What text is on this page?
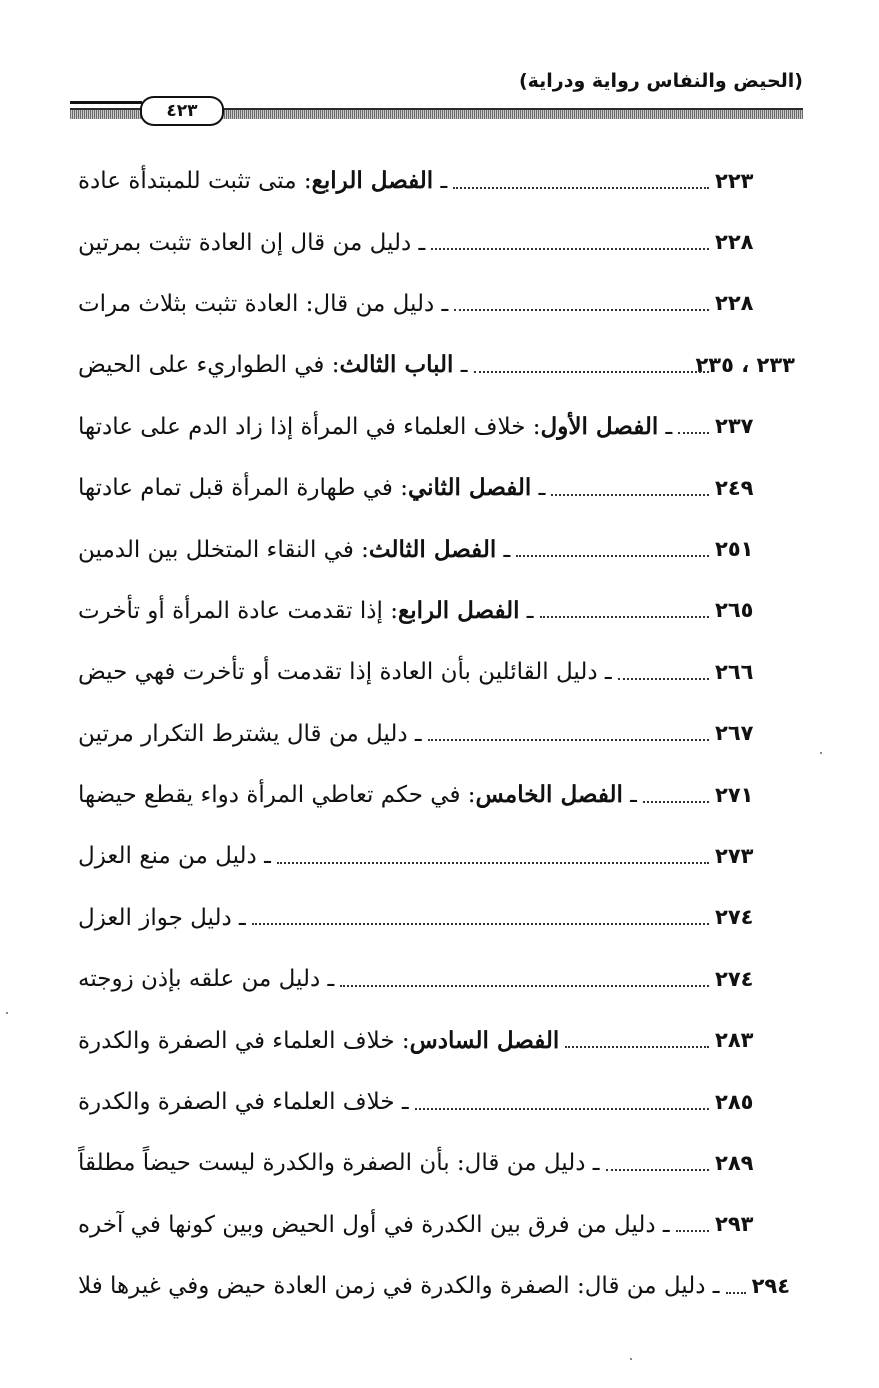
(الحيض والنفاس رواية ودراية)
٤٢٣
ـ الفصل الرابع: متى تثبت للمبتدأة عادة	٢٢٣
ـ دليل من قال إن العادة تثبت بمرتين	٢٢٨
ـ دليل من قال: العادة تثبت بثلاث مرات	٢٢٨
ـ الباب الثالث: في الطواريء على الحيض	٢٣٣ ، ٢٣٥
ـ الفصل الأول: خلاف العلماء في المرأة إذا زاد الدم على عادتها	٢٣٧
ـ الفصل الثاني: في طهارة المرأة قبل تمام عادتها	٢٤٩
ـ الفصل الثالث: في النقاء المتخلل بين الدمين	٢٥١
ـ الفصل الرابع: إذا تقدمت عادة المرأة أو تأخرت	٢٦٥
ـ دليل القائلين بأن العادة إذا تقدمت أو تأخرت فهي حيض	٢٦٦
ـ دليل من قال يشترط التكرار مرتين	٢٦٧
ـ الفصل الخامس: في حكم تعاطي المرأة دواء يقطع حيضها	٢٧١
ـ دليل من منع العزل	٢٧٣
ـ دليل جواز العزل	٢٧٤
ـ دليل من علقه بإذن زوجته	٢٧٤
الفصل السادس: خلاف العلماء في الصفرة والكدرة	٢٨٣
ـ خلاف العلماء في الصفرة والكدرة	٢٨٥
ـ دليل من قال: بأن الصفرة والكدرة ليست حيضاً مطلقاً	٢٨٩
ـ دليل من فرق بين الكدرة في أول الحيض وبين كونها في آخره	٢٩٣
ـ دليل من قال: الصفرة والكدرة في زمن العادة حيض وفي غيرها فلا	٢٩٤
